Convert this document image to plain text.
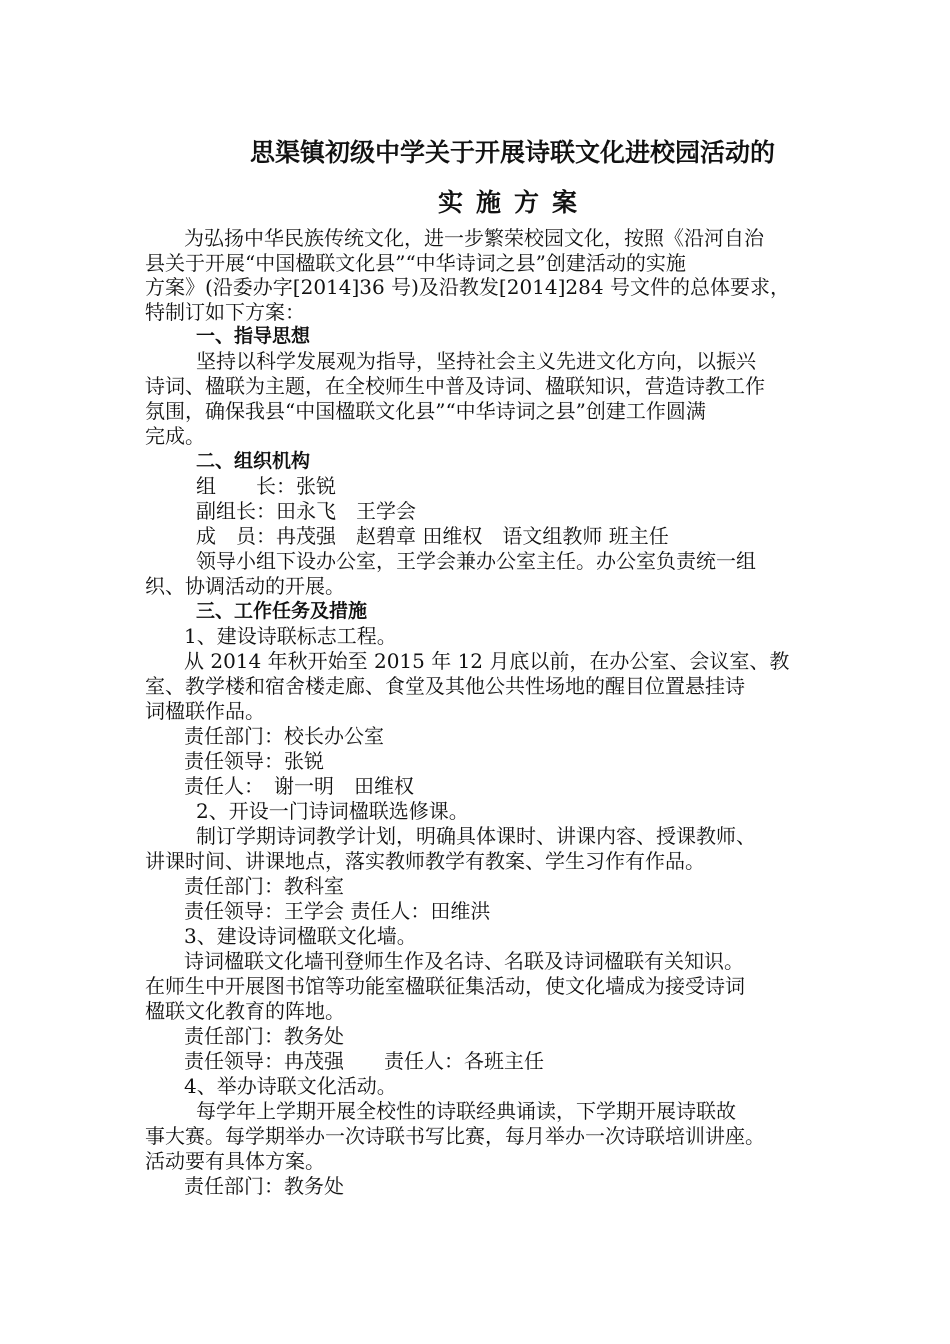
思渠镇初级中学关于开展诗联文化进校园活动的
实施方案
为弘扬中华民族传统文化，进一步繁荣校园文化，按照《沿河自治
县关于开展“中国楹联文化县”“中华诗词之县”创建活动的实施
方案》(沿委办字[2014]36 号)及沿教发[2014]284 号文件的总体要求，
特制订如下方案：
一、指导思想
坚持以科学发展观为指导，坚持社会主义先进文化方向，以振兴
诗词、楹联为主题，在全校师生中普及诗词、楹联知识，营造诗教工作
氛围，确保我县“中国楹联文化县”“中华诗词之县”创建工作圆满
完成。
二、组织机构
组　　长：张锐
副组长：田永飞　王学会
成　员：冉茂强　赵碧章 田维权　语文组教师 班主任
领导小组下设办公室，王学会兼办公室主任。办公室负责统一组
织、协调活动的开展。
三、工作任务及措施
1、建设诗联标志工程。
从 2014 年秋开始至 2015 年 12 月底以前，在办公室、会议室、教
室、教学楼和宿舍楼走廊、食堂及其他公共性场地的醒目位置悬挂诗
词楹联作品。
责任部门：校长办公室
责任领导：张锐
责任人：　谢一明　田维权
2、开设一门诗词楹联选修课。
制订学期诗词教学计划，明确具体课时、讲课内容、授课教师、
讲课时间、讲课地点，落实教师教学有教案、学生习作有作品。
责任部门：教科室
责任领导：王学会 责任人：田维洪
3、建设诗词楹联文化墙。
诗词楹联文化墙刊登师生作及名诗、名联及诗词楹联有关知识。
在师生中开展图书馆等功能室楹联征集活动，使文化墙成为接受诗词
楹联文化教育的阵地。
责任部门：教务处
责任领导：冉茂强　　责任人：各班主任
4、举办诗联文化活动。
每学年上学期开展全校性的诗联经典诵读，下学期开展诗联故
事大赛。每学期举办一次诗联书写比赛，每月举办一次诗联培训讲座。
活动要有具体方案。
责任部门：教务处
